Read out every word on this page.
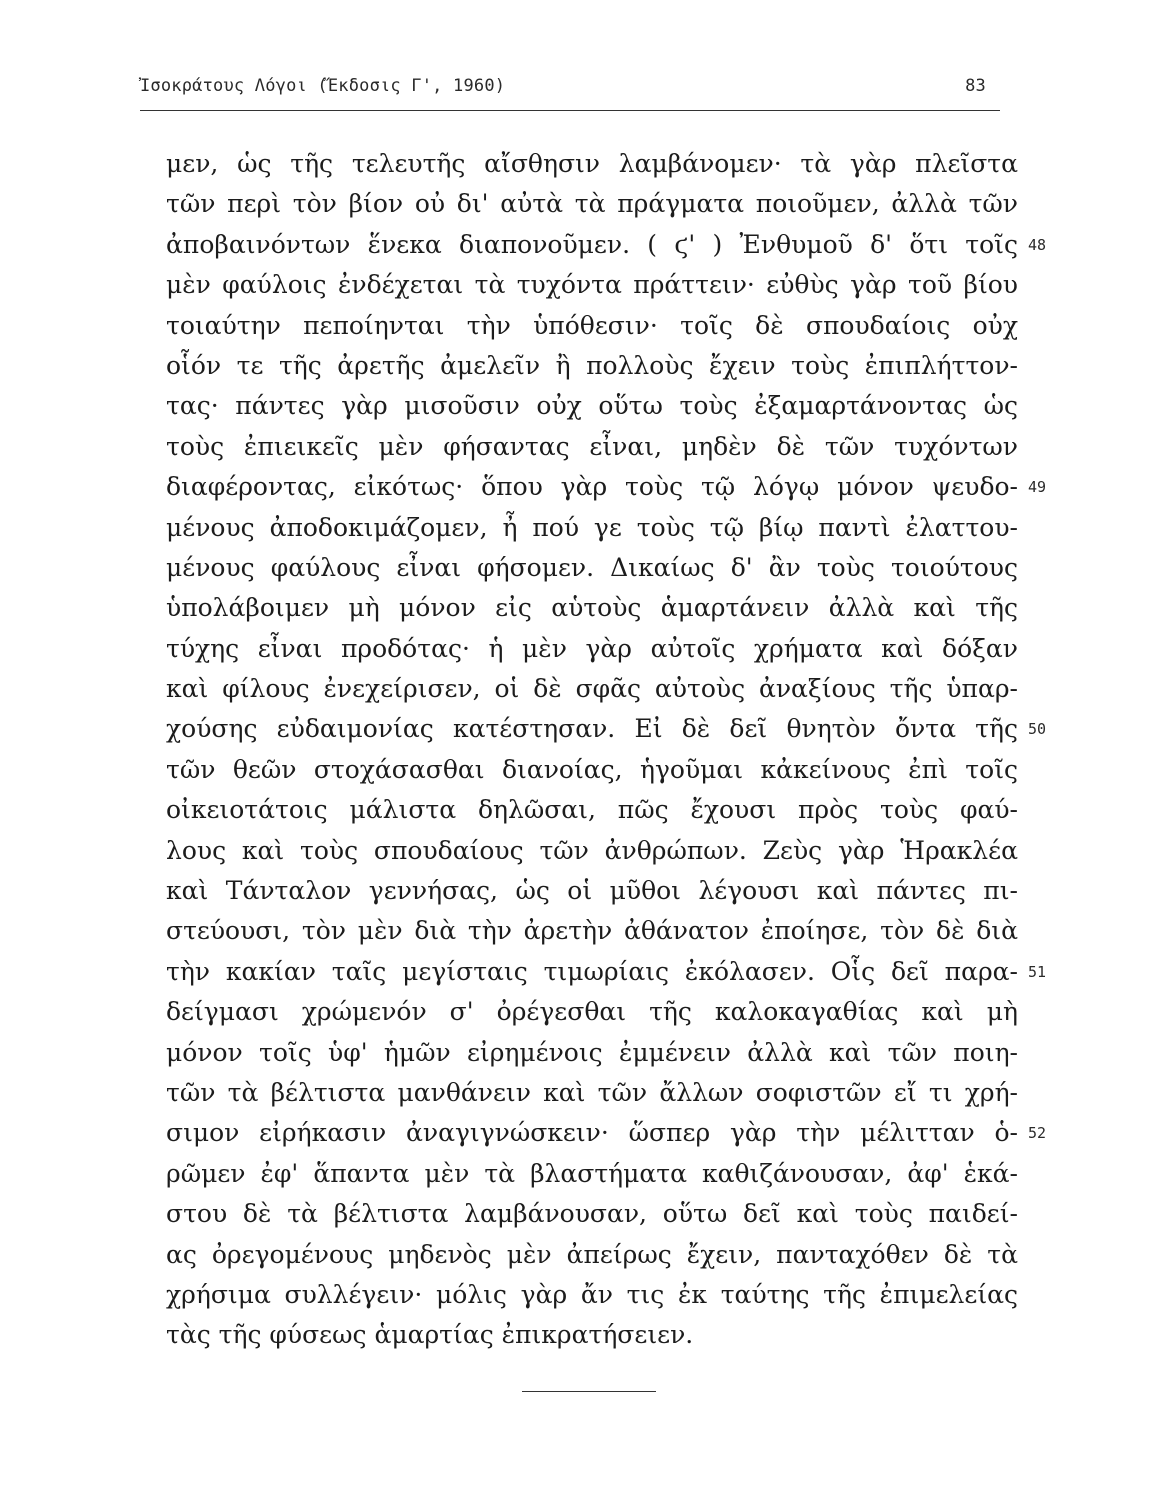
Ἰσοκράτους Λόγοι (Ἔκδοσις Γ', 1960)	83
μεν, ὡς τῆς τελευτῆς αἴσθησιν λαμβάνομεν· τὰ γὰρ πλεῖστα
τῶν περὶ τὸν βίον οὐ δι' αὐτὰ τὰ πράγματα ποιοῦμεν, ἀλλὰ τῶν
ἀποβαινόντων ἕνεκα διαπονοῦμεν. ( ϛ' ) Ἐνθυμοῦ δ' ὅτι τοῖς 48
μὲν φαύλοις ἐνδέχεται τὰ τυχόντα πράττειν· εὐθὺς γὰρ τοῦ βίου
τοιαύτην πεποίηνται τὴν ὑπόθεσιν· τοῖς δὲ σπουδαίοις οὐχ
οἷόν τε τῆς ἀρετῆς ἀμελεῖν ἢ πολλοὺς ἔχειν τοὺς ἐπιπλήττον-
τας· πάντες γὰρ μισοῦσιν οὐχ οὕτω τοὺς ἐξαμαρτάνοντας ὡς
τοὺς ἐπιεικεῖς μὲν φήσαντας εἶναι, μηδὲν δὲ τῶν τυχόντων
διαφέροντας, εἰκότως· ὅπου γὰρ τοὺς τῷ λόγῳ μόνον ψευδο- 49
μένους ἀποδοκιμάζομεν, ἦ πού γε τοὺς τῷ βίῳ παντὶ ἐλαττου-
μένους φαύλους εἶναι φήσομεν. Δικαίως δ' ἂν τοὺς τοιούτους
ὑπολάβοιμεν μὴ μόνον εἰς αὑτοὺς ἁμαρτάνειν ἀλλὰ καὶ τῆς
τύχης εἶναι προδότας· ἡ μὲν γὰρ αὐτοῖς χρήματα καὶ δόξαν
καὶ φίλους ἐνεχείρισεν, οἱ δὲ σφᾶς αὐτοὺς ἀναξίους τῆς ὑπαρ-
χούσης εὐδαιμονίας κατέστησαν. Εἰ δὲ δεῖ θνητὸν ὄντα τῆς 50
τῶν θεῶν στοχάσασθαι διανοίας, ἡγοῦμαι κἀκείνους ἐπὶ τοῖς
οἰκειοτάτοις μάλιστα δηλῶσαι, πῶς ἔχουσι πρὸς τοὺς φαύ-
λους καὶ τοὺς σπουδαίους τῶν ἀνθρώπων. Ζεὺς γὰρ Ἡρακλέα
καὶ Τάνταλον γεννήσας, ὡς οἱ μῦθοι λέγουσι καὶ πάντες πι-
στεύουσι, τὸν μὲν διὰ τὴν ἀρετὴν ἀθάνατον ἐποίησε, τὸν δὲ διὰ
τὴν κακίαν ταῖς μεγίσταις τιμωρίαις ἐκόλασεν. Οἷς δεῖ παρα- 51
δείγμασι χρώμενόν σ' ὀρέγεσθαι τῆς καλοκαγαθίας καὶ μὴ
μόνον τοῖς ὑφ' ἡμῶν εἰρημένοις ἐμμένειν ἀλλὰ καὶ τῶν ποιη-
τῶν τὰ βέλτιστα μανθάνειν καὶ τῶν ἄλλων σοφιστῶν εἴ τι χρή-
σιμον εἰρήκασιν ἀναγιγνώσκειν· ὥσπερ γὰρ τὴν μέλιτταν ὁ- 52
ρῶμεν ἐφ' ἅπαντα μὲν τὰ βλαστήματα καθιζάνουσαν, ἀφ' ἑκά-
στου δὲ τὰ βέλτιστα λαμβάνουσαν, οὕτω δεῖ καὶ τοὺς παιδεί-
ας ὀρεγομένους μηδενὸς μὲν ἀπείρως ἔχειν, πανταχόθεν δὲ τὰ
χρήσιμα συλλέγειν· μόλις γὰρ ἄν τις ἐκ ταύτης τῆς ἐπιμελείας
τὰς τῆς φύσεως ἁμαρτίας ἐπικρατήσειεν.
